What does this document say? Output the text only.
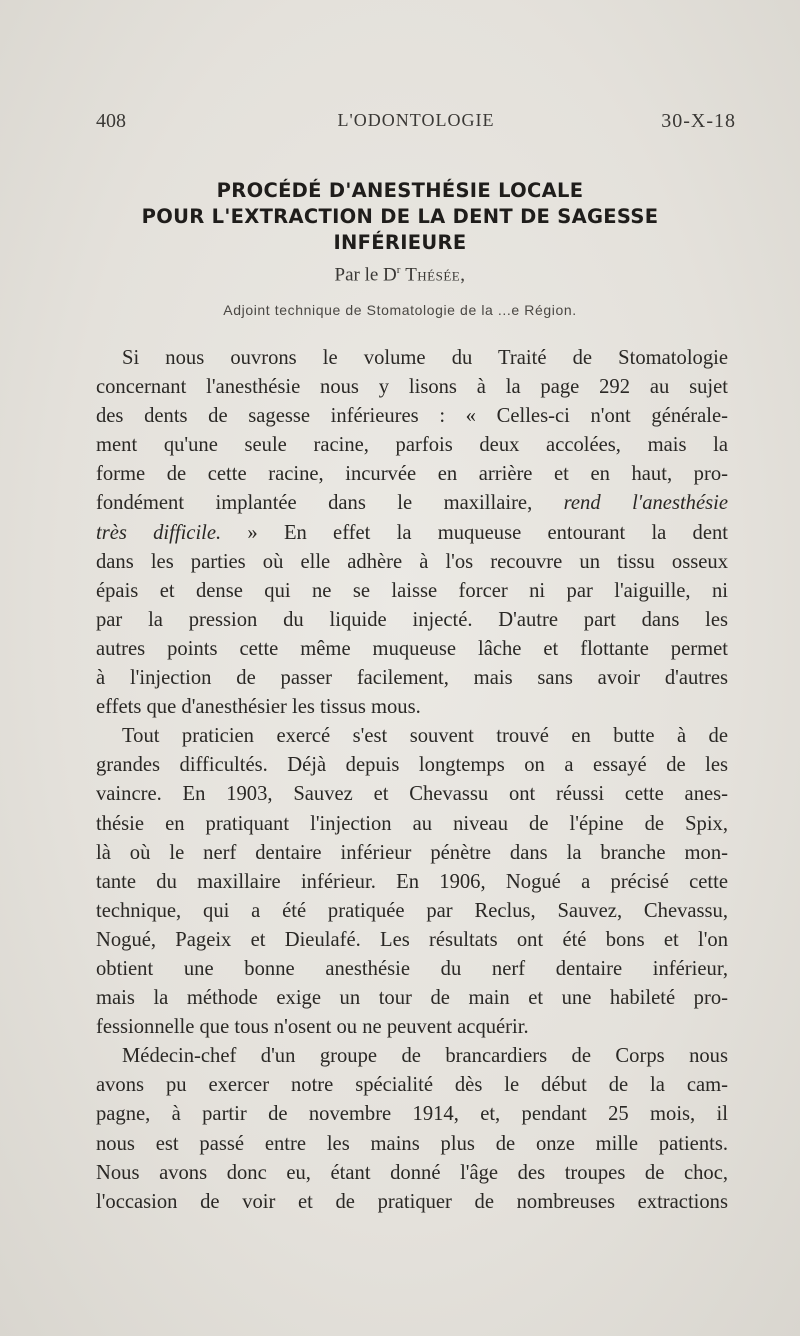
408	L'ODONTOLOGIE	30-X-18
PROCÉDÉ D'ANESTHÉSIE LOCALE
POUR L'EXTRACTION DE LA DENT DE SAGESSE
INFÉRIEURE
Par le $D^r$ Thésée,
Adjoint technique de Stomatologie de la ...e Région.
Si nous ouvrons le volume du Traité de Stomatologie
concernant l'anesthésie nous y lisons à la page 292 au sujet
des dents de sagesse inférieures : « Celles-ci n'ont générale-
ment qu'une seule racine, parfois deux accolées, mais la
forme de cette racine, incurvée en arrière et en haut, pro-
fondément implantée dans le maxillaire, rend l'anesthésie
très difficile. » En effet la muqueuse entourant la dent
dans les parties où elle adhère à l'os recouvre un tissu osseux
épais et dense qui ne se laisse forcer ni par l'aiguille, ni
par la pression du liquide injecté. D'autre part dans les
autres points cette même muqueuse lâche et flottante permet
à l'injection de passer facilement, mais sans avoir d'autres
effets que d'anesthésier les tissus mous.
Tout praticien exercé s'est souvent trouvé en butte à de
grandes difficultés. Déjà depuis longtemps on a essayé de les
vaincre. En 1903, Sauvez et Chevassu ont réussi cette anes-
thésie en pratiquant l'injection au niveau de l'épine de Spix,
là où le nerf dentaire inférieur pénètre dans la branche mon-
tante du maxillaire inférieur. En 1906, Nogué a précisé cette
technique, qui a été pratiquée par Reclus, Sauvez, Chevassu,
Nogué, Pageix et Dieulafé. Les résultats ont été bons et l'on
obtient une bonne anesthésie du nerf dentaire inférieur,
mais la méthode exige un tour de main et une habileté pro-
fessionnelle que tous n'osent ou ne peuvent acquérir.
Médecin-chef d'un groupe de brancardiers de Corps nous
avons pu exercer notre spécialité dès le début de la cam-
pagne, à partir de novembre 1914, et, pendant 25 mois, il
nous est passé entre les mains plus de onze mille patients.
Nous avons donc eu, étant donné l'âge des troupes de choc,
l'occasion de voir et de pratiquer de nombreuses extractions
